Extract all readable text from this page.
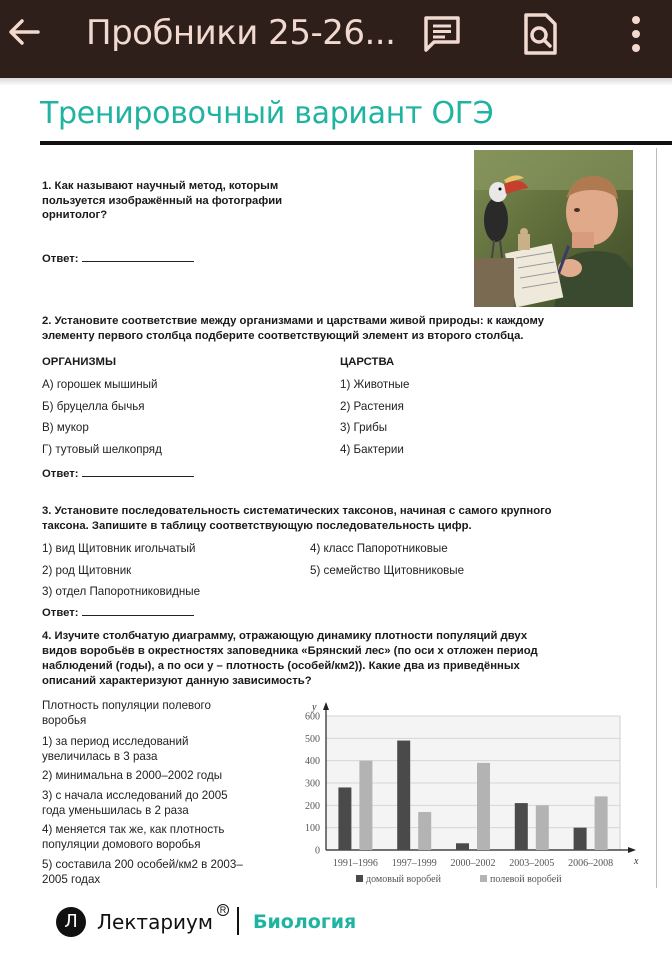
Пробники 25-26...
Тренировочный вариант ОГЭ
1. Как называют научный метод, которым
пользуется изображённый на фотографии
орнитолог?
Ответ:
2. Установите соответствие между организмами и царствами живой природы: к каждому
элементу первого столбца подберите соответствующий элемент из второго столбца.
ОРГАНИЗМЫ	ЦАРСТВА
А) горошек мышиный
Б) бруцелла бычья
В) мукор
Г) тутовый шелкопряд
1) Животные
2) Растения
3) Грибы
4) Бактерии
Ответ:
3. Установите последовательность систематических таксонов, начиная с самого крупного
таксона. Запишите в таблицу соответствующую последовательность цифр.
1) вид Щитовник игольчатый
2) род Щитовник
3) отдел Папоротниковидные
4) класс Папоротниковые
5) семейство Щитовниковые
Ответ:
4. Изучите столбчатую диаграмму, отражающую динамику плотности популяций двух
видов воробьёв в окрестностях заповедника «Брянский лес» (по оси x отложен период
наблюдений (годы), а по оси y – плотность (особей/км2)). Какие два из приведённых
описаний характеризуют данную зависимость?
Плотность популяции полевого
воробья
1) за период исследований
увеличилась в 3 раза
2) минимальна в 2000–2002 годы
3) с начала исследований до 2005
года уменьшилась в 2 раза
4) меняется так же, как плотность
популяции домового воробья
5) составила 200 особей/км2 в 2003–
2005 годах
0
100
200
300
400
500
600
y
x
1991–1996 1997–1999 2000–2002 2003–2005 2006–2008
домовый воробей	полевой воробей
Л Лектариум R
Биология
